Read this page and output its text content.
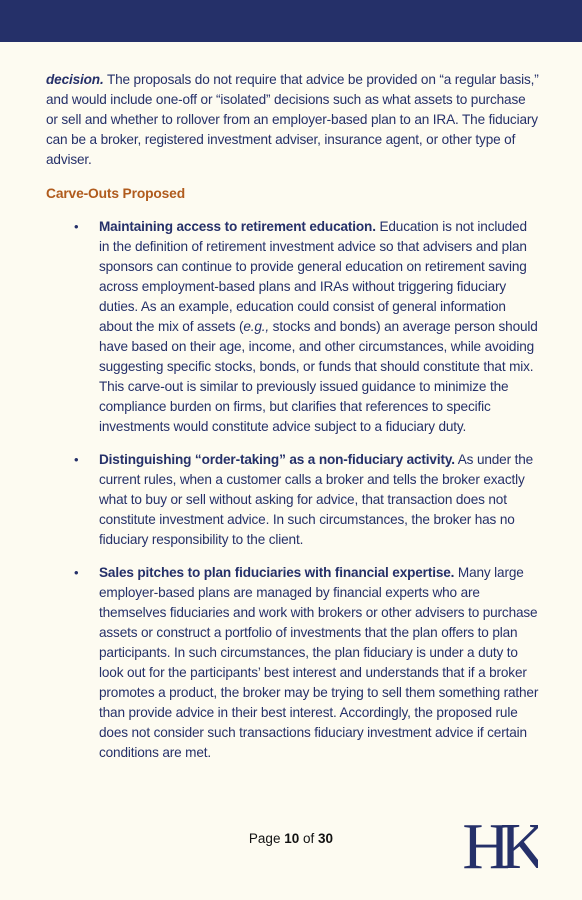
decision. The proposals do not require that advice be provided on “a regular basis,” and would include one-off or “isolated” decisions such as what assets to purchase or sell and whether to rollover from an employer-based plan to an IRA. The fiduciary can be a broker, registered investment adviser, insurance agent, or other type of adviser.

Carve-Outs Proposed
• Maintaining access to retirement education. Education is not included in the definition of retirement investment advice so that advisers and plan sponsors can continue to provide general education on retirement saving across employment-based plans and IRAs without triggering fiduciary duties. As an example, education could consist of general information about the mix of assets (e.g., stocks and bonds) an average person should have based on their age, income, and other circumstances, while avoiding suggesting specific stocks, bonds, or funds that should constitute that mix. This carve-out is similar to previously issued guidance to minimize the compliance burden on firms, but clarifies that references to specific investments would constitute advice subject to a fiduciary duty.
• Distinguishing “order-taking” as a non-fiduciary activity. As under the current rules, when a customer calls a broker and tells the broker exactly what to buy or sell without asking for advice, that transaction does not constitute investment advice. In such circumstances, the broker has no fiduciary responsibility to the client.
• Sales pitches to plan fiduciaries with financial expertise. Many large employer-based plans are managed by financial experts who are themselves fiduciaries and work with brokers or other advisers to purchase assets or construct a portfolio of investments that the plan offers to plan participants. In such circumstances, the plan fiduciary is under a duty to look out for the participants’ best interest and understands that if a broker promotes a product, the broker may be trying to sell them something rather than provide advice in their best interest. Accordingly, the proposed rule does not consider such transactions fiduciary investment advice if certain conditions are met.
Page 10 of 30	HK
